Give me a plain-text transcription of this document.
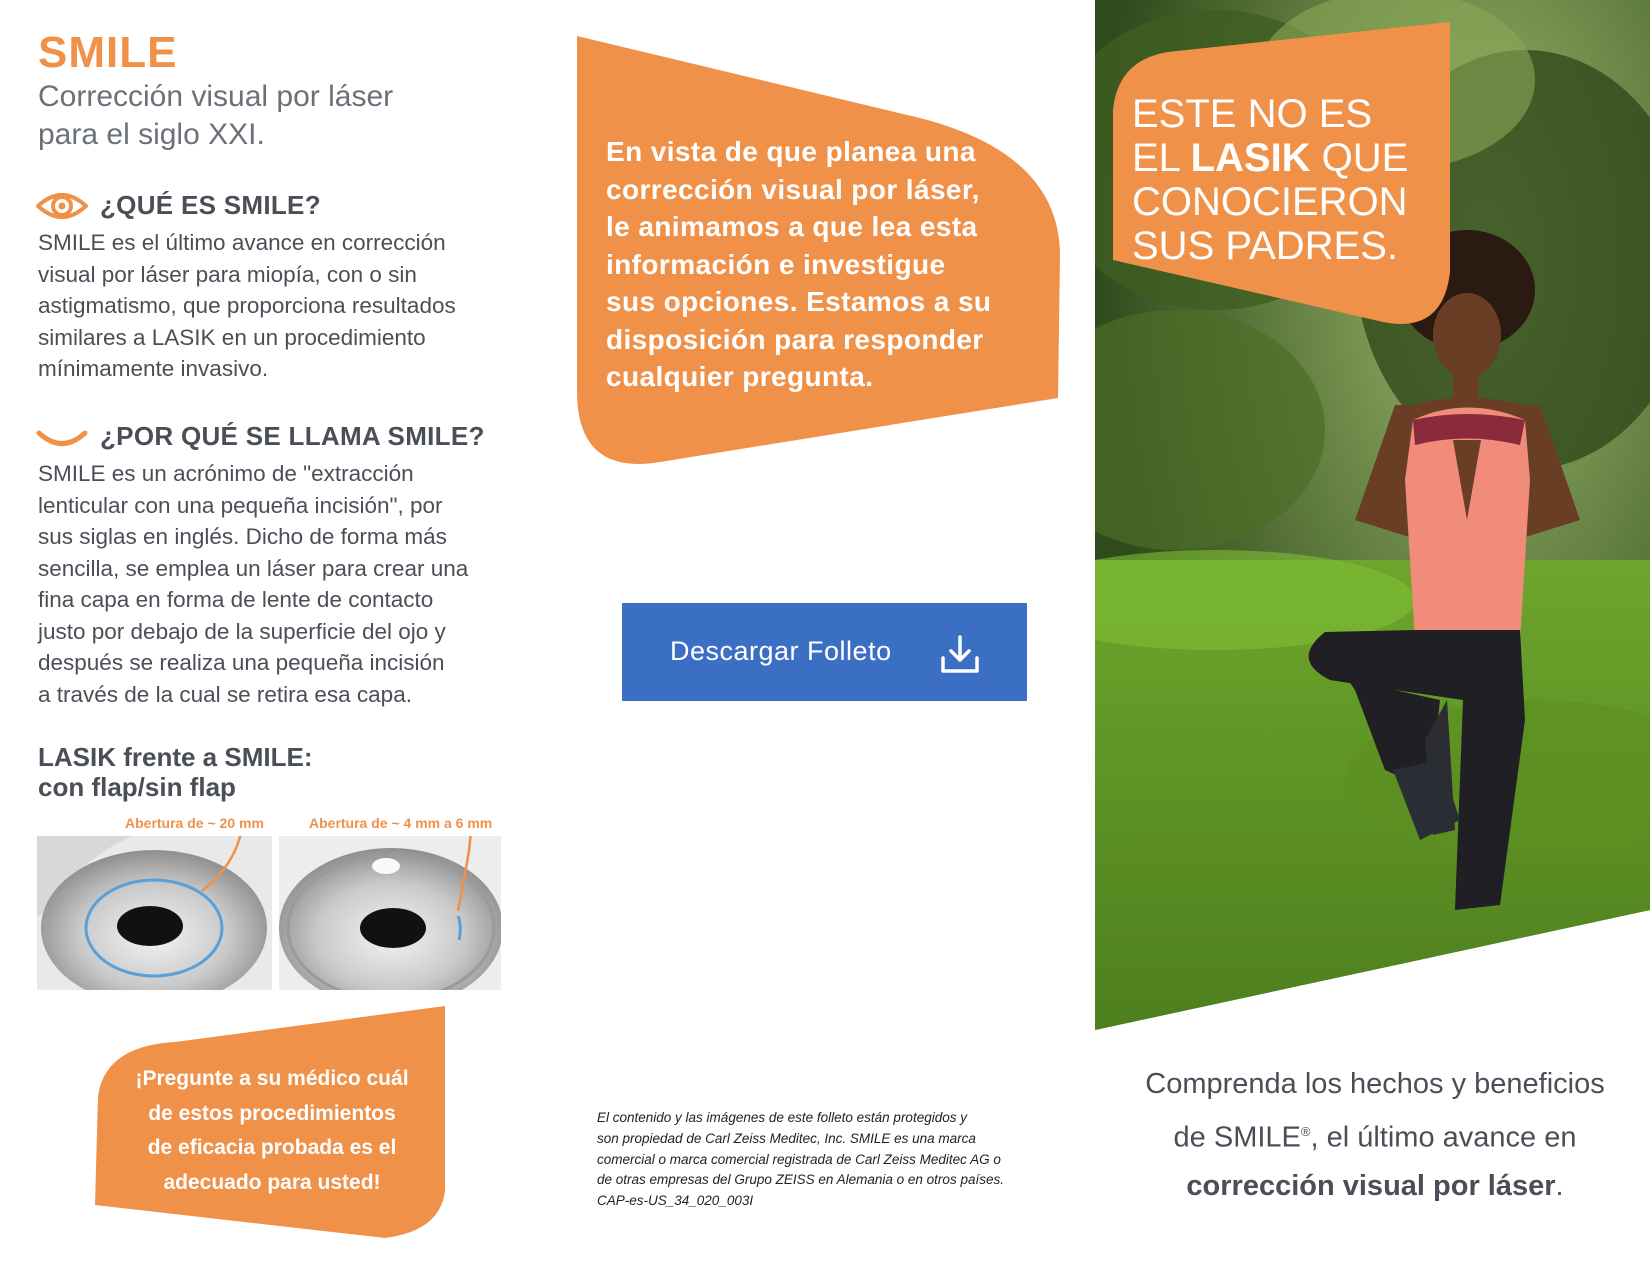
SMILE
Corrección visual por láser
para el siglo XXI.
¿QUÉ ES SMILE?
SMILE es el último avance en corrección
visual por láser para miopía, con o sin
astigmatismo, que proporciona resultados
similares a LASIK en un procedimiento
mínimamente invasivo.
¿POR QUÉ SE LLAMA SMILE?
SMILE es un acrónimo de "extracción
lenticular con una pequeña incisión", por
sus siglas en inglés. Dicho de forma más
sencilla, se emplea un láser para crear una
fina capa en forma de lente de contacto
justo por debajo de la superficie del ojo y
después se realiza una pequeña incisión
a través de la cual se retira esa capa.
LASIK frente a SMILE:
con flap/sin flap
Abertura de ~ 20 mm	Abertura de ~ 4 mm a 6 mm
¡Pregunte a su médico cuál
de estos procedimientos
de eficacia probada es el
adecuado para usted!
En vista de que planea una
corrección visual por láser,
le animamos a que lea esta
información e investigue
sus opciones. Estamos a su
disposición para responder
cualquier pregunta.
Descargar Folleto
El contenido y las imágenes de este folleto están protegidos y
son propiedad de Carl Zeiss Meditec, Inc. SMILE es una marca
comercial o marca comercial registrada de Carl Zeiss Meditec AG o
de otras empresas del Grupo ZEISS en Alemania o en otros países.
CAP-es-US_34_020_003I
ESTE NO ES
EL LASIK QUE
CONOCIERON
SUS PADRES.
Comprenda los hechos y beneficios
de SMILE®, el último avance en
corrección visual por láser.
